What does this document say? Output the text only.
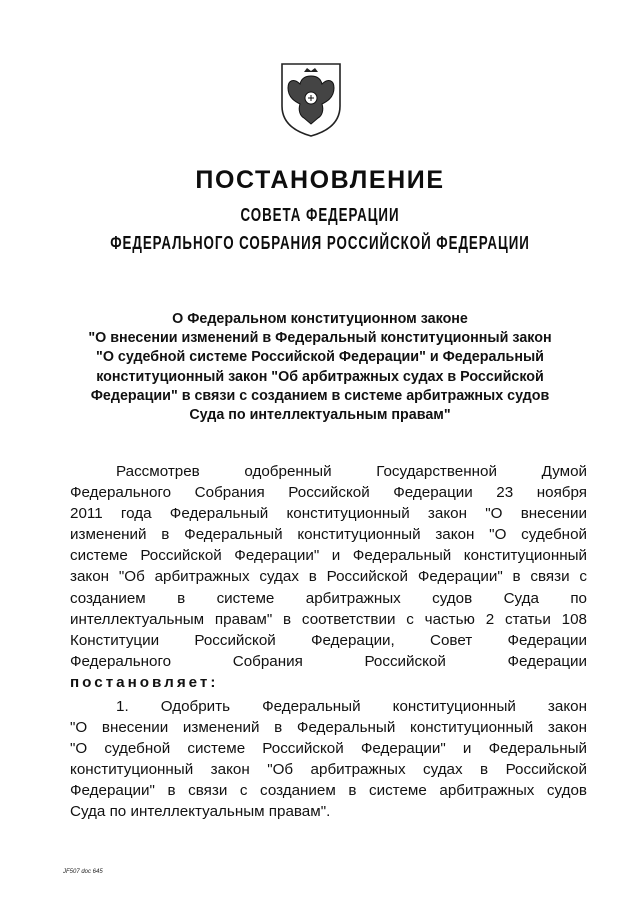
ПОСТАНОВЛЕНИЕ
СОВЕТА ФЕДЕРАЦИИ
ФЕДЕРАЛЬНОГО СОБРАНИЯ РОССИЙСКОЙ ФЕДЕРАЦИИ
О Федеральном конституционном законе
"О внесении изменений в Федеральный конституционный закон
"О судебной системе Российской Федерации" и Федеральный
конституционный закон "Об арбитражных судах в Российской
Федерации" в связи с созданием в системе арбитражных судов
Суда по интеллектуальным правам"
Рассмотрев одобренный Государственной Думой
Федерального Собрания Российской Федерации 23 ноября
2011 года Федеральный конституционный закон "О внесении
изменений в Федеральный конституционный закон "О судебной
системе Российской Федерации" и Федеральный конституционный
закон "Об арбитражных судах в Российской Федерации" в связи с
созданием в системе арбитражных судов Суда по
интеллектуальным правам" в соответствии с частью 2 статьи 108
Конституции Российской Федерации, Совет Федерации
Федерального Собрания Российской Федерации
постановляет:
1. Одобрить Федеральный конституционный закон
"О внесении изменений в Федеральный конституционный закон
"О судебной системе Российской Федерации" и Федеральный
конституционный закон "Об арбитражных судах в Российской
Федерации" в связи с созданием в системе арбитражных судов
Суда по интеллектуальным правам".
JF507 doc 645
